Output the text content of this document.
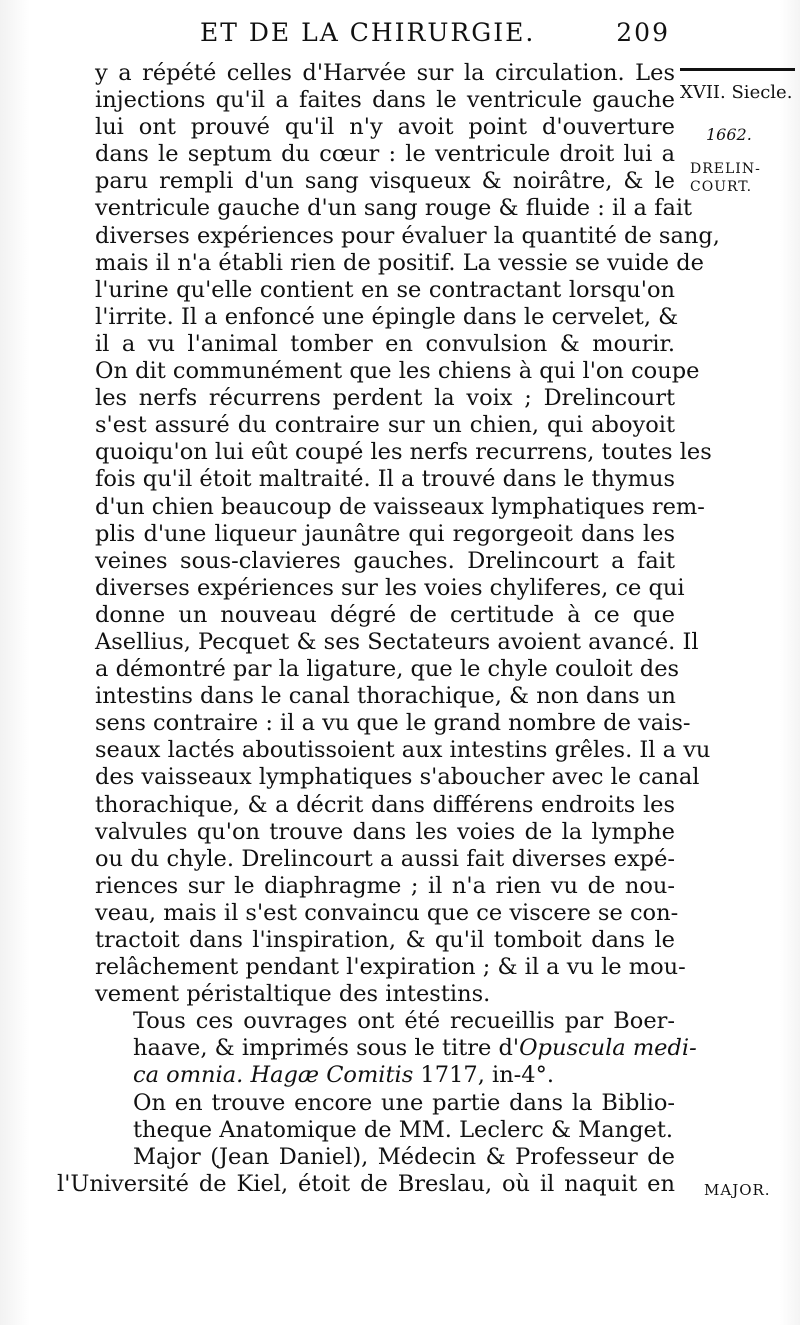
ET DE LA CHIRURGIE.	209
XVII. Siecle.
1662.
DRELIN-
COURT.
MAJOR.

y a répété celles d'Harvée sur la circulation. Les
injections qu'il a faites dans le ventricule gauche
lui ont prouvé qu'il n'y avoit point d'ouverture
dans le septum du cœur : le ventricule droit lui a
paru rempli d'un sang visqueux & noirâtre, & le
ventricule gauche d'un sang rouge & fluide : il a fait
diverses expériences pour évaluer la quantité de sang,
mais il n'a établi rien de positif. La vessie se vuide de
l'urine qu'elle contient en se contractant lorsqu'on
l'irrite. Il a enfoncé une épingle dans le cervelet, &
il a vu l'animal tomber en convulsion & mourir.
On dit communément que les chiens à qui l'on coupe
les nerfs récurrens perdent la voix ; Drelincourt
s'est assuré du contraire sur un chien, qui aboyoit
quoiqu'on lui eût coupé les nerfs recurrens, toutes les
fois qu'il étoit maltraité. Il a trouvé dans le thymus
d'un chien beaucoup de vaisseaux lymphatiques rem-
plis d'une liqueur jaunâtre qui regorgeoit dans les
veines sous-clavieres gauches. Drelincourt a fait
diverses expériences sur les voies chyliferes, ce qui
donne un nouveau dégré de certitude à ce que
Asellius, Pecquet & ses Sectateurs avoient avancé. Il
a démontré par la ligature, que le chyle couloit des
intestins dans le canal thorachique, & non dans un
sens contraire : il a vu que le grand nombre de vais-
seaux lactés aboutissoient aux intestins grêles. Il a vu
des vaisseaux lymphatiques s'aboucher avec le canal
thorachique, & a décrit dans différens endroits les
valvules qu'on trouve dans les voies de la lymphe
ou du chyle. Drelincourt a aussi fait diverses expé-
riences sur le diaphragme ; il n'a rien vu de nou-
veau, mais il s'est convaincu que ce viscere se con-
tractoit dans l'inspiration, & qu'il tomboit dans le
relâchement pendant l'expiration ; & il a vu le mou-
vement péristaltique des intestins.

Tous ces ouvrages ont été recueillis par Boer-
haave, & imprimés sous le titre d'Opuscula medi-
ca omnia. Hagæ Comitis 1717, in-4°.

On en trouve encore une partie dans la Biblio-
theque Anatomique de MM. Leclerc & Manget.

Major (Jean Daniel), Médecin & Professeur de
l'Université de Kiel, étoit de Breslau, où il naquit en
